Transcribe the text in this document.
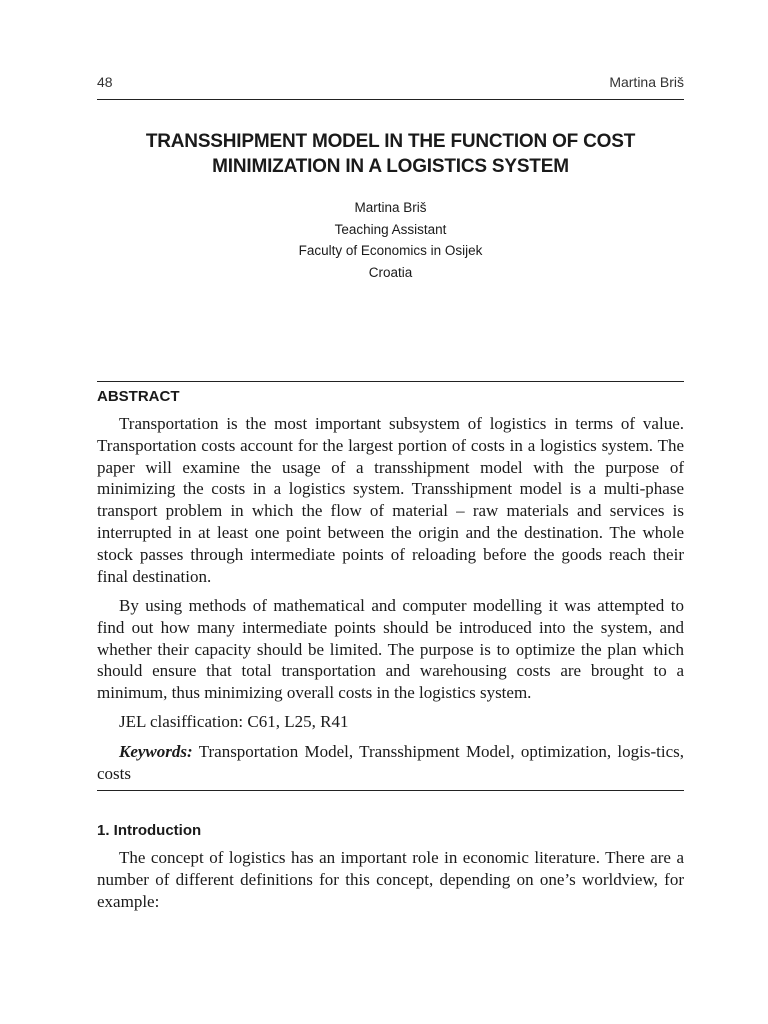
48	Martina Briš
TRANSSHIPMENT MODEL IN THE FUNCTION OF COST
MINIMIZATION IN A LOGISTICS SYSTEM
Martina Briš
Teaching Assistant
Faculty of Economics in Osijek
Croatia
ABSTRACT

Transportation is the most important subsystem of logistics in terms of value. Transportation costs account for the largest portion of costs in a logistics system. The paper will examine the usage of a transshipment model with the purpose of minimizing the costs in a logistics system. Transshipment model is a multi-phase transport problem in which the flow of material – raw materials and services is interrupted in at least one point between the origin and the destination. The whole stock passes through intermediate points of reloading before the goods reach their final destination.

By using methods of mathematical and computer modelling it was attempted to find out how many intermediate points should be introduced into the system, and whether their capacity should be limited. The purpose is to optimize the plan which should ensure that total transportation and warehousing costs are brought to a minimum, thus minimizing overall costs in the logistics system.

JEL clasiffication: C61, L25, R41

Keywords: Transportation Model, Transshipment Model, optimization, logis-tics, costs

1. Introduction

The concept of logistics has an important role in economic literature. There are a number of different definitions for this concept, depending on one’s worldview, for example:
